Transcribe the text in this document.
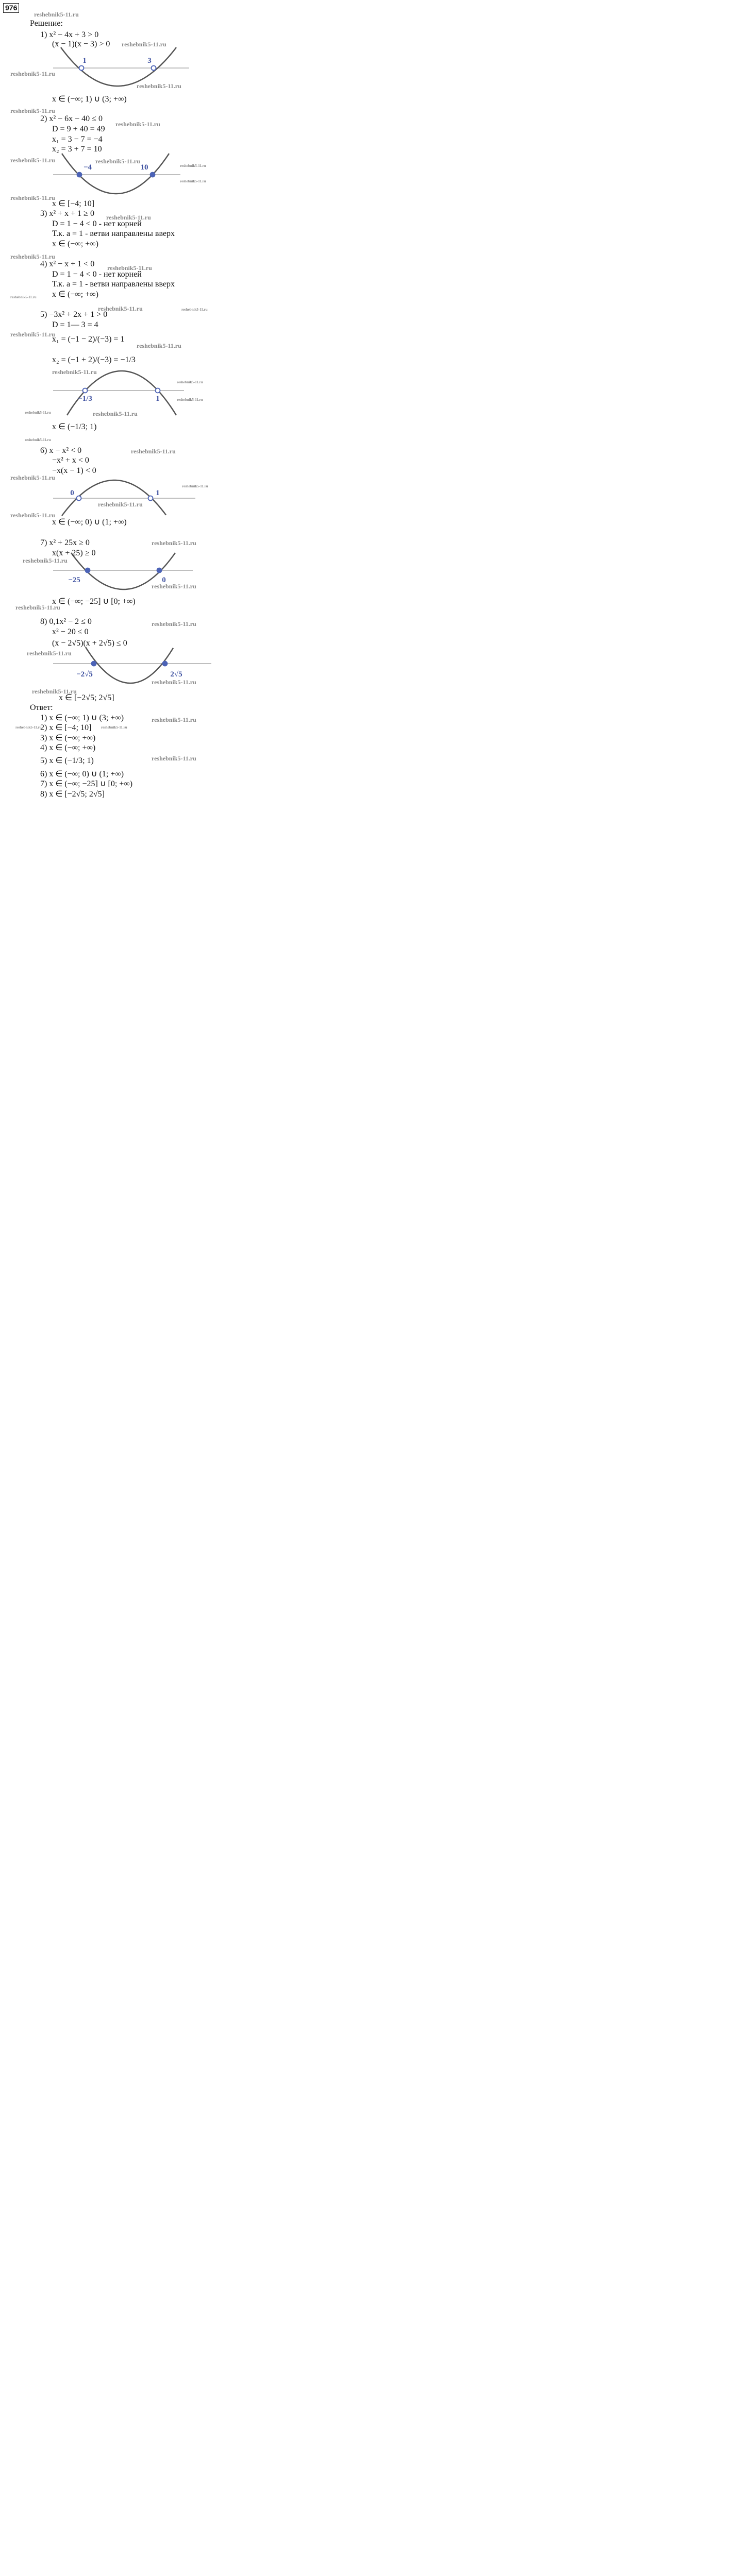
976
1	3
−4	10
−1/3	1
0	1
−25	0
−2√5	2√5
Решение:
1) x² − 4x + 3 > 0
(x − 1)(x − 3) > 0
x ∈ (−∞; 1) ∪ (3; +∞)
2) x² − 6x − 40 ≤ 0
D = 9 + 40 = 49
x₁ = 3 − 7 = −4
x₂ = 3 + 7 = 10
x ∈ [−4; 10]
3) x² + x + 1 ≥ 0
D = 1 − 4 < 0 - нет корней
Т.к. a = 1 - ветви направлены вверх
x ∈ (−∞; +∞)
4) x² − x + 1 < 0
D = 1 − 4 < 0 - нет корней
Т.к. a = 1 - ветви направлены вверх
x ∈ (−∞; +∞)
5) −3x² + 2x + 1 > 0
D = 1— 3 = 4
x₁ = (−1 − 2)/(−3) = 1
x₂ = (−1 + 2)/(−3) = −1/3
x ∈ (−1/3; 1)
6) x − x² < 0
−x² + x < 0
−x(x − 1) < 0
x ∈ (−∞; 0) ∪ (1; +∞)
7) x² + 25x ≥ 0
x(x + 25) ≥ 0
x ∈ (−∞; −25] ∪ [0; +∞)
8) 0,1x² − 2 ≤ 0
x² − 20 ≤ 0
(x − 2√5)(x + 2√5) ≤ 0
x ∈ [−2√5; 2√5]
Ответ:
1) x ∈ (−∞; 1) ∪ (3; +∞)
2) x ∈ [−4; 10]
3) x ∈ (−∞; +∞)
4) x ∈ (−∞; +∞)
5) x ∈ (−1/3; 1)
6) x ∈ (−∞; 0) ∪ (1; +∞)
7) x ∈ (−∞; −25] ∪ [0; +∞)
8) x ∈ [−2√5; 2√5]
reshebnik5-11.ru
reshebnik5-11.ru
reshebnik5-11.ru
reshebnik5-11.ru
reshebnik5-11.ru
reshebnik5-11.ru
reshebnik5-11.ru	reshebnik5-11.ru
reshebnik5-11.ru
reshebnik5-11.ru
reshebnik5-11.ru
reshebnik5-11.ru
reshebnik5-11.ru
reshebnik5-11.ru
reshebnik5-11.ru
reshebnik5-11.ru	reshebnik5-11.ru
reshebnik5-11.ru
reshebnik5-11.ru
reshebnik5-11.ru
reshebnik5-11.ru
reshebnik5-11.ru
reshebnik5-11.ru	reshebnik5-11.ru
reshebnik5-11.ru
reshebnik5-11.ru
reshebnik5-11.ru
reshebnik5-11.ru
reshebnik5-11.ru
reshebnik5-11.ru
reshebnik5-11.ru
reshebnik5-11.ru
reshebnik5-11.ru
reshebnik5-11.ru
reshebnik5-11.ru
reshebnik5-11.ru
reshebnik5-11.ru
reshebnik5-11.ru
reshebnik5-11.ru
reshebnik5-11.ru	reshebnik5-11.ru
reshebnik5-11.ru
